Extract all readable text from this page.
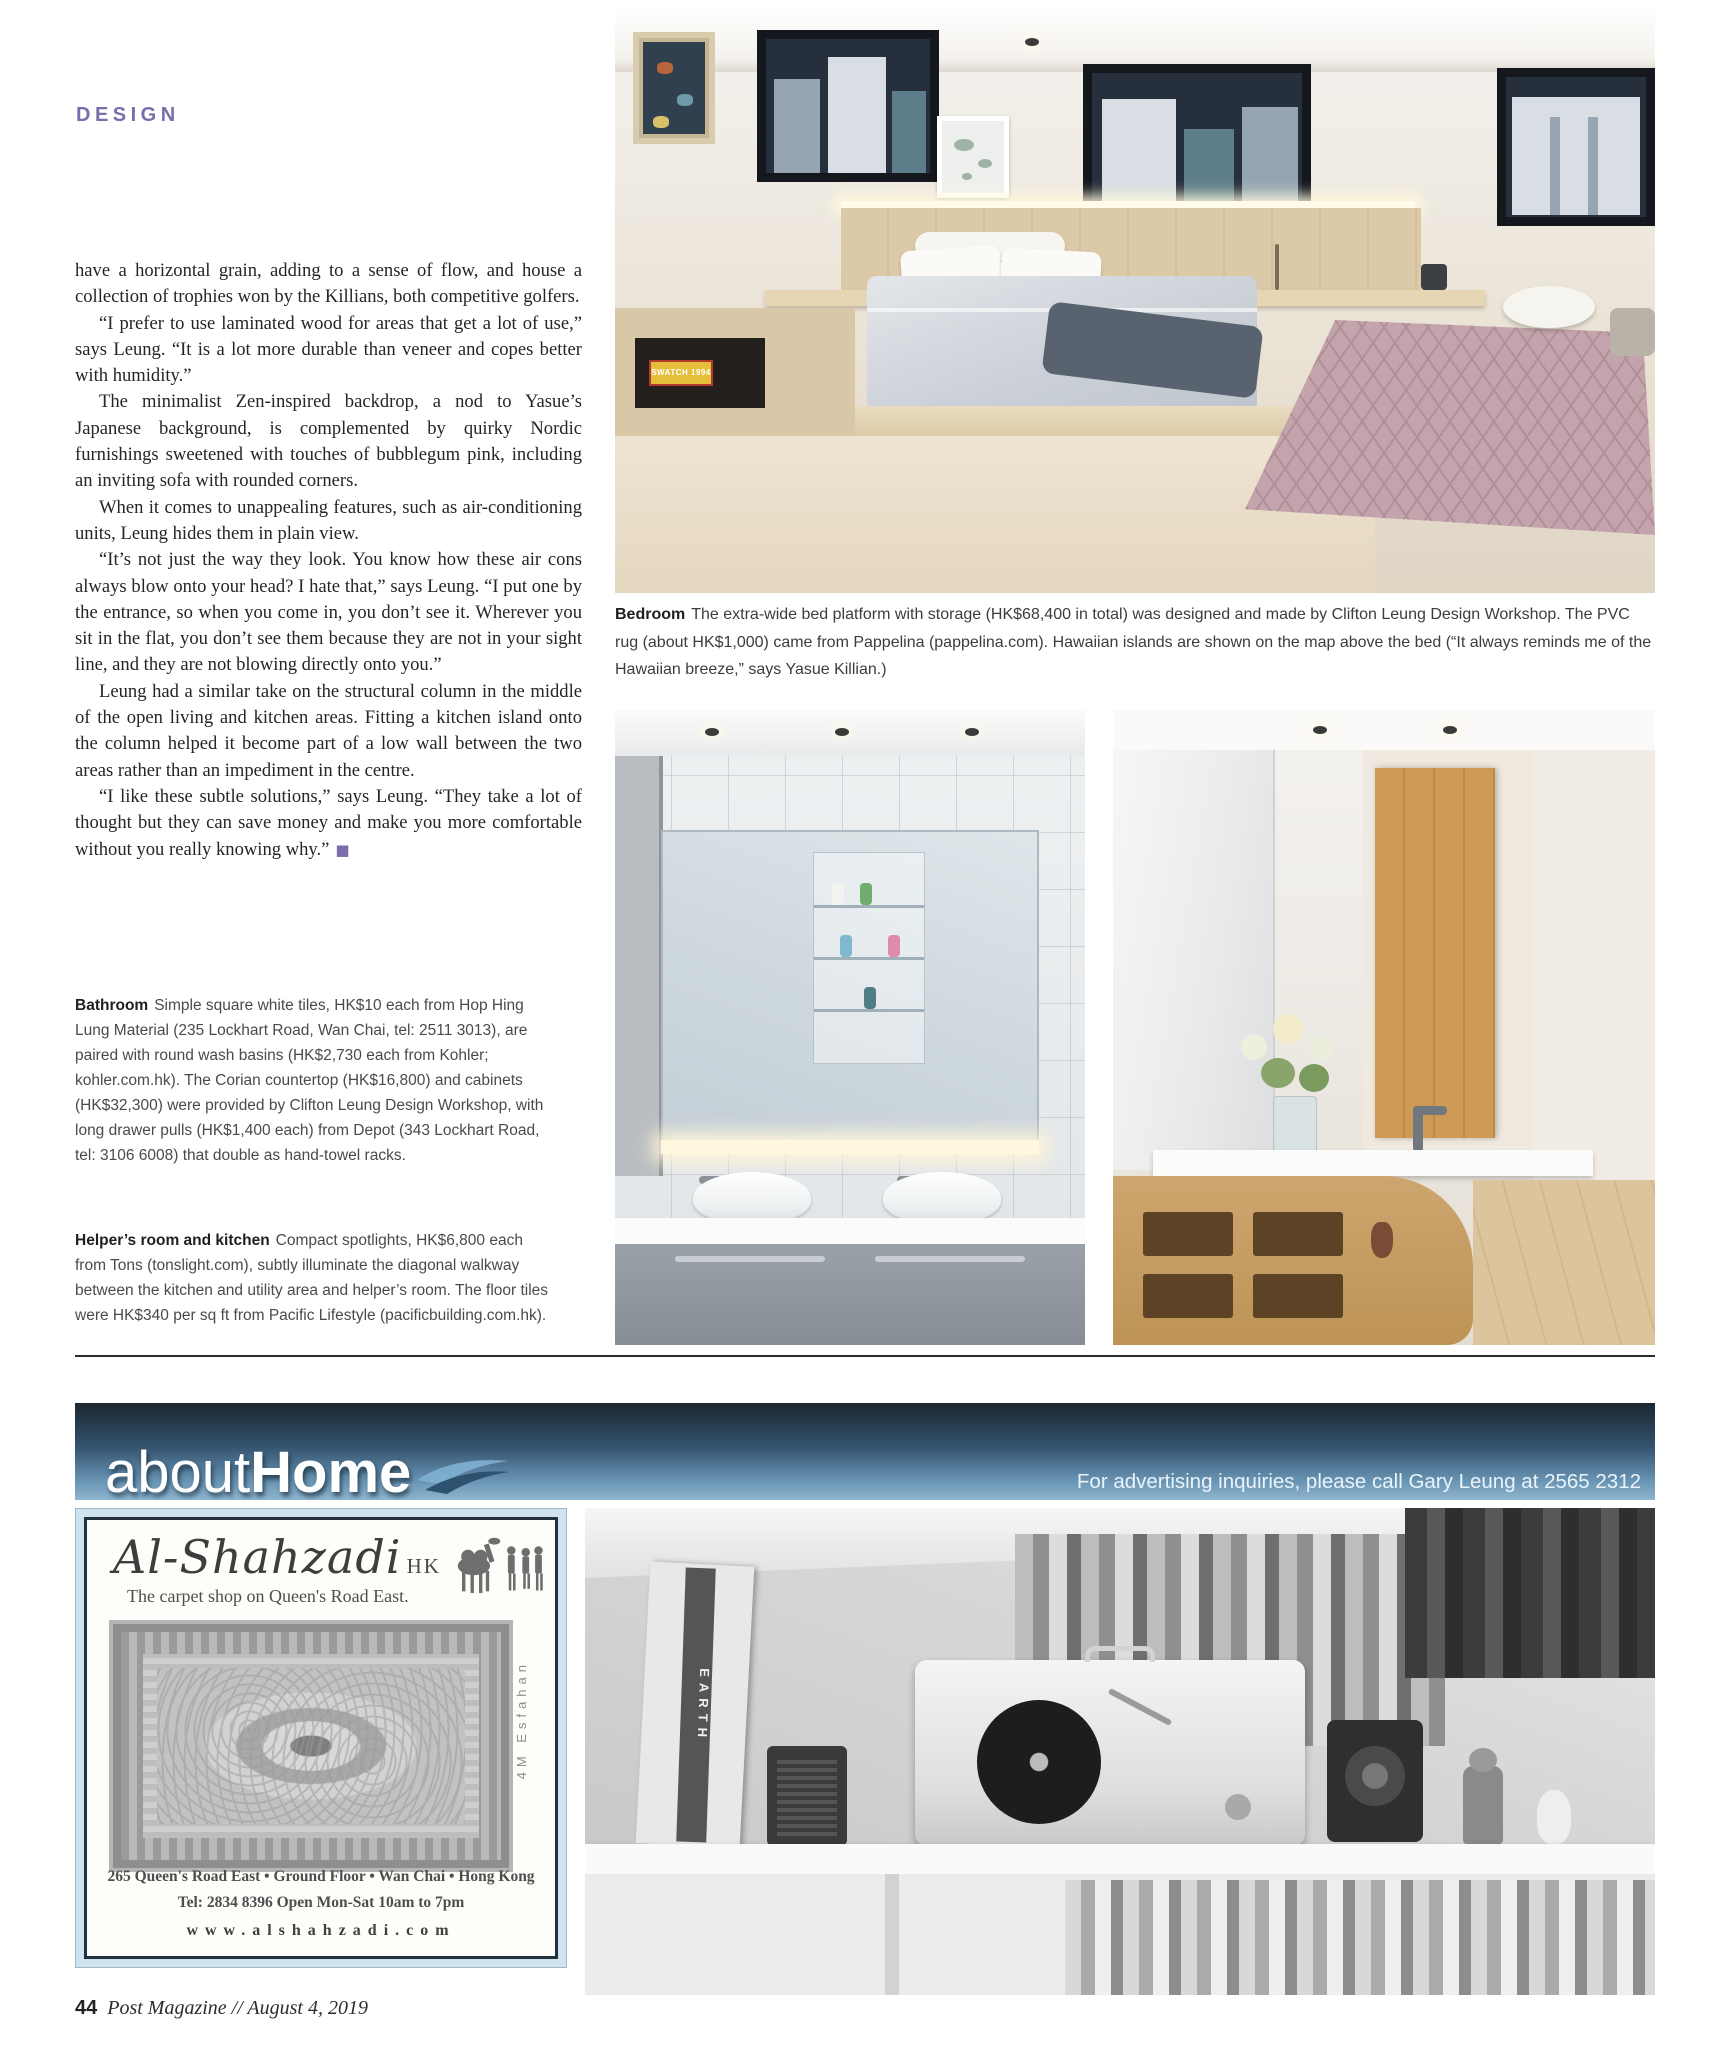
DESIGN

have a horizontal grain, adding to a sense of flow, and house a collection of trophies won by the Killians, both competitive golfers.

“I prefer to use laminated wood for areas that get a lot of use,” says Leung. “It is a lot more durable than veneer and copes better with humidity.”

The minimalist Zen-inspired backdrop, a nod to Yasue’s Japanese background, is complemented by quirky Nordic furnishings sweetened with touches of bubblegum pink, including an inviting sofa with rounded corners.

When it comes to unappealing features, such as air-conditioning units, Leung hides them in plain view.

“It’s not just the way they look. You know how these air cons always blow onto your head? I hate that,” says Leung. “I put one by the entrance, so when you come in, you don’t see it. Wherever you sit in the flat, you don’t see them because they are not in your sight line, and they are not blowing directly onto you.”

Leung had a similar take on the structural column in the middle of the open living and kitchen areas. Fitting a kitchen island onto the column helped it become part of a low wall between the two areas rather than an impediment in the centre.

“I like these subtle solutions,” says Leung. “They take a lot of thought but they can save money and make you more comfortable without you really knowing why.” ■

Bathroom Simple square white tiles, HK$10 each from Hop Hing Lung Material (235 Lockhart Road, Wan Chai, tel: 2511 3013), are paired with round wash basins (HK$2,730 each from Kohler; kohler.com.hk). The Corian countertop (HK$16,800) and cabinets (HK$32,300) were provided by Clifton Leung Design Workshop, with long drawer pulls (HK$1,400 each) from Depot (343 Lockhart Road, tel: 3106 6008) that double as hand-towel racks.
Helper’s room and kitchen Compact spotlights, HK$6,800 each from Tons (tonslight.com), subtly illuminate the diagonal walkway between the kitchen and utility area and helper’s room. The floor tiles were HK$340 per sq ft from Pacific Lifestyle (pacificbuilding.com.hk).
SWATCH 1994
Bedroom The extra-wide bed platform with storage (HK$68,400 in total) was designed and made by Clifton Leung Design Workshop. The PVC rug (about HK$1,000) came from Pappelina (pappelina.com). Hawaiian islands are shown on the map above the bed (“It always reminds me of the Hawaiian breeze,” says Yasue Killian.)
aboutHome	For advertising inquiries, please call Gary Leung at 2565 2312
Al-Shahzadi HK
The carpet shop on Queen's Road East.
4M Esfahan
265 Queen's Road East • Ground Floor • Wan Chai • Hong Kong
Tel: 2834 8396 Open Mon-Sat 10am to 7pm
www.alshahzadi.com
EARTH
44 Post Magazine // August 4, 2019
